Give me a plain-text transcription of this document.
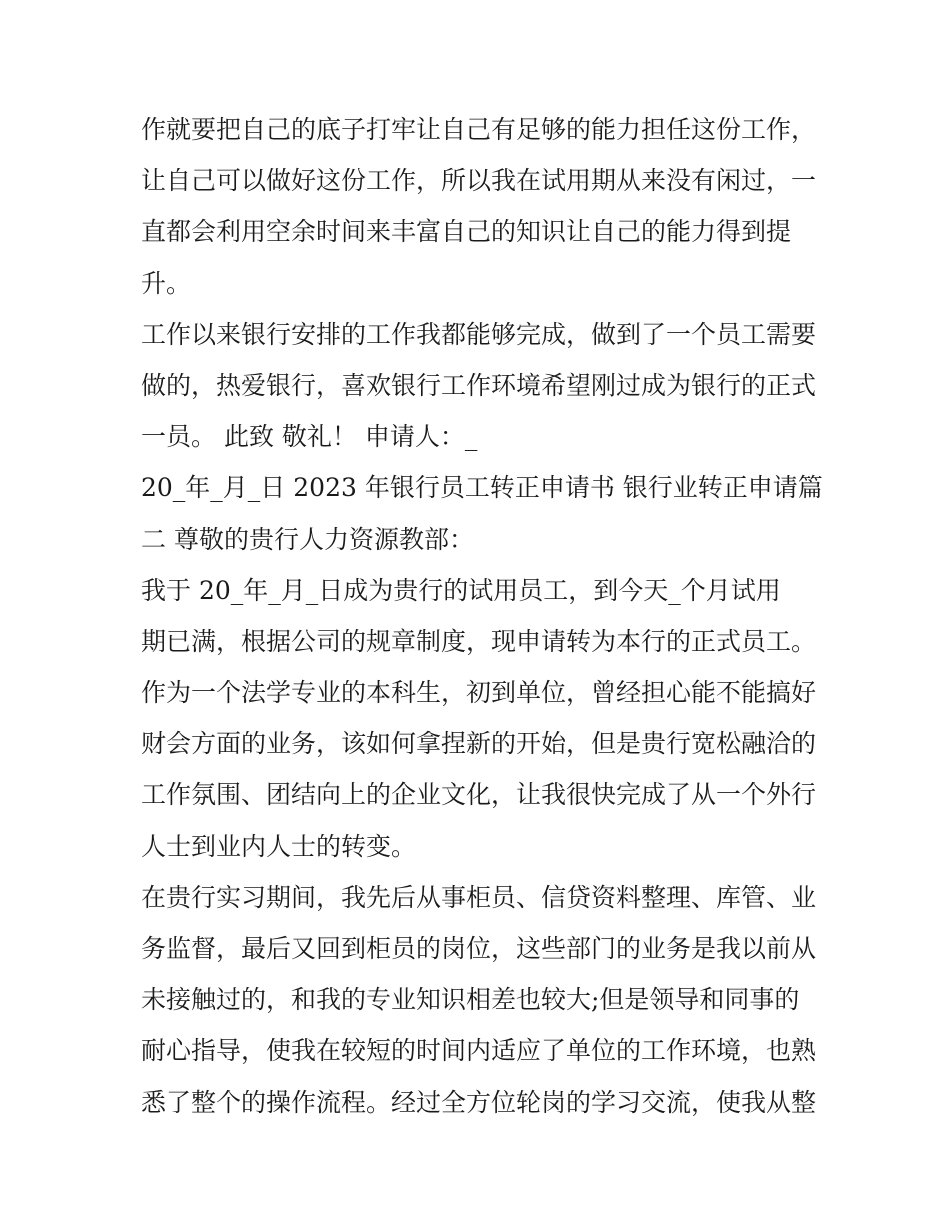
作就要把自己的底子打牢让自己有足够的能力担任这份工作，
让自己可以做好这份工作，所以我在试用期从来没有闲过，一
直都会利用空余时间来丰富自己的知识让自己的能力得到提
升。
工作以来银行安排的工作我都能够完成，做到了一个员工需要
做的，热爱银行，喜欢银行工作环境希望刚过成为银行的正式
一员。 此致 敬礼！ 申请人：_
20_年_月_日 2023 年银行员工转正申请书 银行业转正申请篇
二 尊敬的贵行人力资源教部：
我于 20_年_月_日成为贵行的试用员工，到今天_个月试用
期已满，根据公司的规章制度，现申请转为本行的正式员工。
作为一个法学专业的本科生，初到单位，曾经担心能不能搞好
财会方面的业务，该如何拿捏新的开始，但是贵行宽松融洽的
工作氛围、团结向上的企业文化，让我很快完成了从一个外行
人士到业内人士的转变。
在贵行实习期间，我先后从事柜员、信贷资料整理、库管、业
务监督，最后又回到柜员的岗位，这些部门的业务是我以前从
未接触过的，和我的专业知识相差也较大;但是领导和同事的
耐心指导，使我在较短的时间内适应了单位的工作环境，也熟
悉了整个的操作流程。经过全方位轮岗的学习交流，使我从整
